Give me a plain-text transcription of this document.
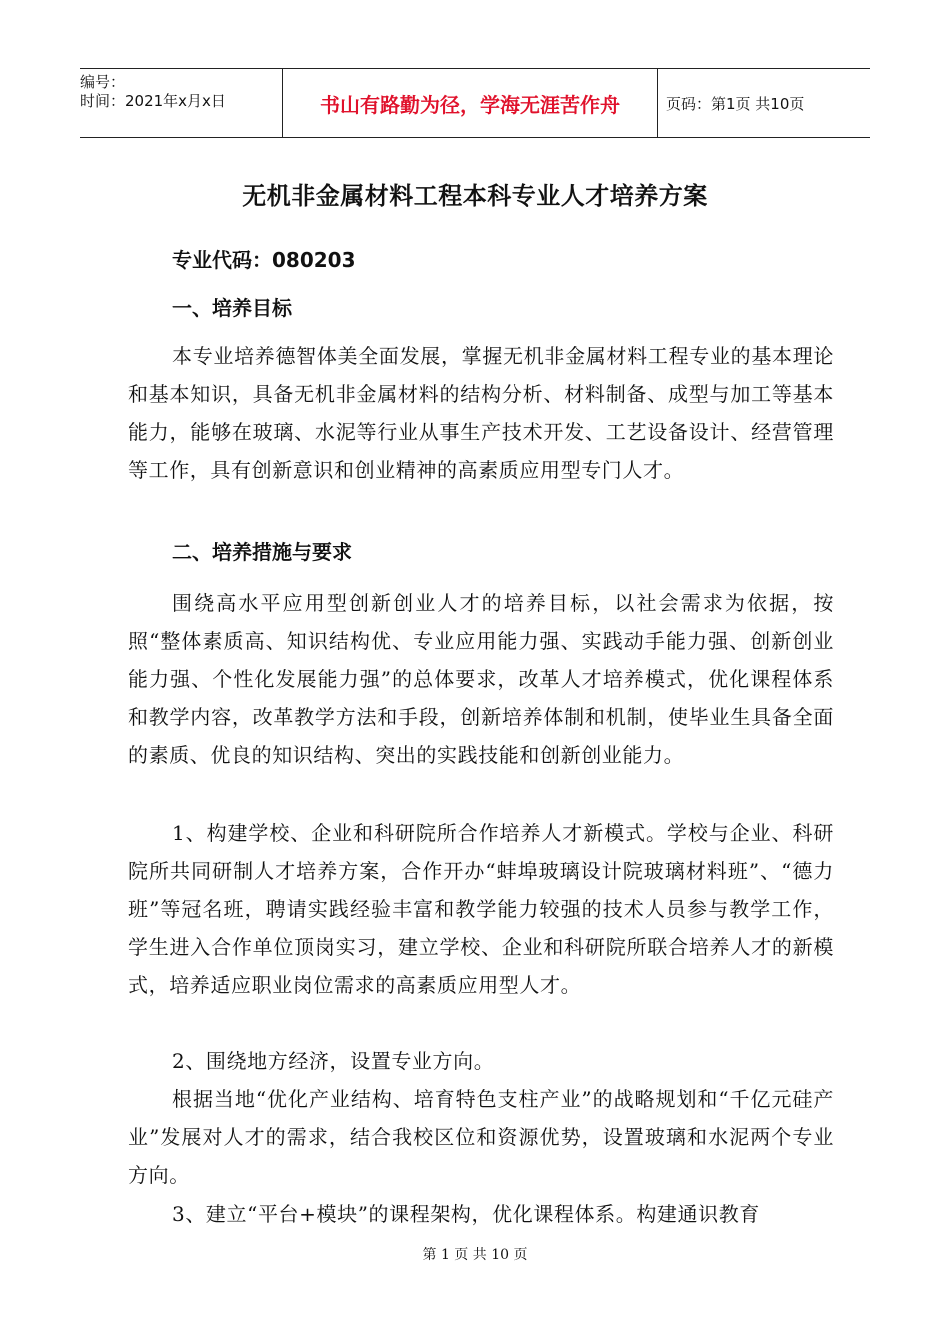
编号：
时间：2021年x月x日	书山有路勤为径，学海无涯苦作舟	页码：第1页 共10页
无机非金属材料工程本科专业人才培养方案
专业代码：080203
一、培养目标

本专业培养德智体美全面发展，掌握无机非金属材料工程专业的基本理论和基本知识，具备无机非金属材料的结构分析、材料制备、成型与加工等基本能力，能够在玻璃、水泥等行业从事生产技术开发、工艺设备设计、经营管理等工作，具有创新意识和创业精神的高素质应用型专门人才。

二、培养措施与要求

围绕高水平应用型创新创业人才的培养目标，以社会需求为依据，按照“整体素质高、知识结构优、专业应用能力强、实践动手能力强、创新创业能力强、个性化发展能力强”的总体要求，改革人才培养模式，优化课程体系和教学内容，改革教学方法和手段，创新培养体制和机制，使毕业生具备全面的素质、优良的知识结构、突出的实践技能和创新创业能力。

1、构建学校、企业和科研院所合作培养人才新模式。学校与企业、科研院所共同研制人才培养方案，合作开办“蚌埠玻璃设计院玻璃材料班”、“德力班”等冠名班，聘请实践经验丰富和教学能力较强的技术人员参与教学工作，学生进入合作单位顶岗实习，建立学校、企业和科研院所联合培养人才的新模式，培养适应职业岗位需求的高素质应用型人才。

2、围绕地方经济，设置专业方向。

根据当地“优化产业结构、培育特色支柱产业”的战略规划和“千亿元硅产业”发展对人才的需求，结合我校区位和资源优势，设置玻璃和水泥两个专业方向。

3、建立“平台+模块”的课程架构，优化课程体系。构建通识教育

第 1 页 共 10 页
